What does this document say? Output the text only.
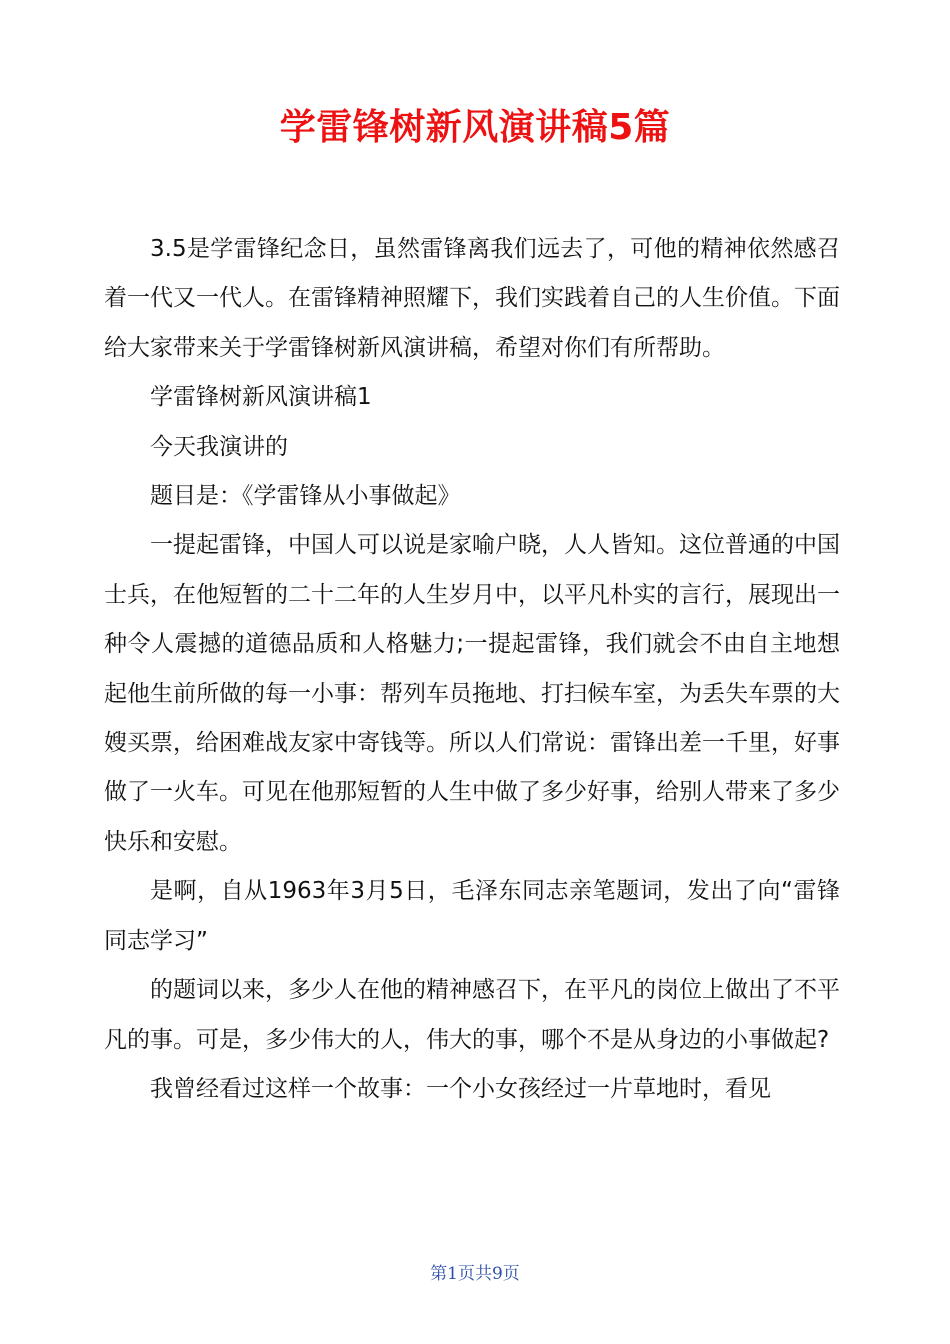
学雷锋树新风演讲稿5篇

3.5是学雷锋纪念日，虽然雷锋离我们远去了，可他的精神依然感召着一代又一代人。在雷锋精神照耀下，我们实践着自己的人生价值。下面给大家带来关于学雷锋树新风演讲稿，希望对你们有所帮助。

学雷锋树新风演讲稿1

今天我演讲的

题目是：《学雷锋从小事做起》

一提起雷锋，中国人可以说是家喻户晓，人人皆知。这位普通的中国士兵，在他短暂的二十二年的人生岁月中，以平凡朴实的言行，展现出一种令人震撼的道德品质和人格魅力;一提起雷锋，我们就会不由自主地想起他生前所做的每一小事：帮列车员拖地、打扫候车室，为丢失车票的大嫂买票，给困难战友家中寄钱等。所以人们常说：雷锋出差一千里，好事做了一火车。可见在他那短暂的人生中做了多少好事，给别人带来了多少快乐和安慰。

是啊，自从1963年3月5日，毛泽东同志亲笔题词，发出了向“雷锋同志学习”

的题词以来，多少人在他的精神感召下，在平凡的岗位上做出了不平凡的事。可是，多少伟大的人，伟大的事，哪个不是从身边的小事做起?

我曾经看过这样一个故事：一个小女孩经过一片草地时，看见

第1页共9页
